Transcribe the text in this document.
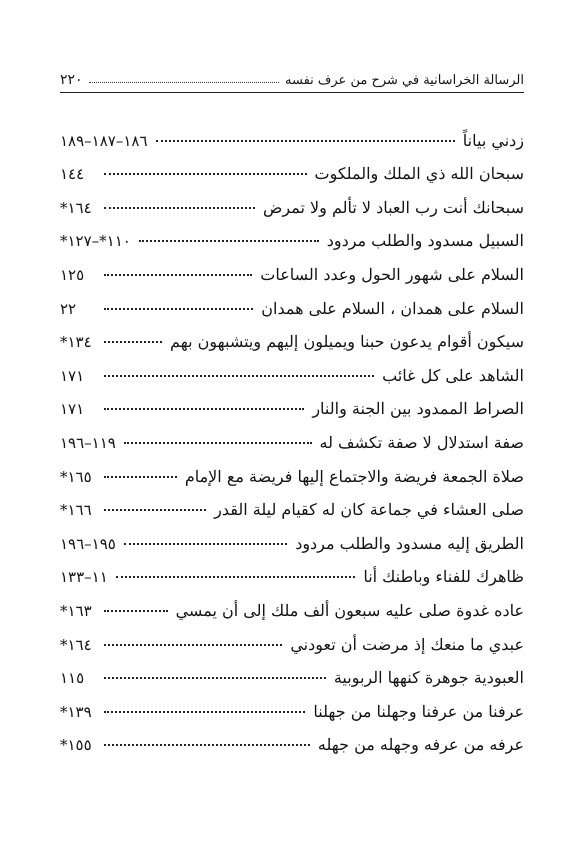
الرسالة الخراسانية في شرح من عرف نفسه
٢٢٠
زدني بياناً
١٨٦–١٨٧–١٨٩
سبحان الله ذي الملك والملكوت
١٤٤
سبحانك أنت رب العباد لا تألم ولا تمرض
١٦٤*
السبيل مسدود والطلب مردود
١١٠*–١٢٧*
السلام على شهور الحول وعدد الساعات
١٢٥
السلام على همدان ، السلام على همدان
٢٢
سيكون أقوام يدعون حبنا ويميلون إليهم ويتشبهون بهم
١٣٤*
الشاهد على كل غائب
١٧١
الصراط الممدود بين الجنة والنار
١٧١
صفة استدلال لا صفة تكشف له
١١٩–١٩٦
صلاة الجمعة فريضة والاجتماع إليها فريضة مع الإمام
١٦٥*
صلى العشاء في جماعة كان له كقيام ليلة القدر
١٦٦*
الطريق إليه مسدود والطلب مردود
١٩٥–١٩٦
ظاهرك للفناء وباطنك أنا
١١–١٣٣
عاده غدوة صلى عليه سبعون ألف ملك إلى أن يمسي
١٦٣*
عبدي ما منعك إذ مرضت أن تعودني
١٦٤*
العبودية جوهرة كنهها الربوبية
١١٥
عرفنا من عرفنا وجهلنا من جهلنا
١٣٩*
عرفه من عرفه وجهله من جهله
١٥٥*
